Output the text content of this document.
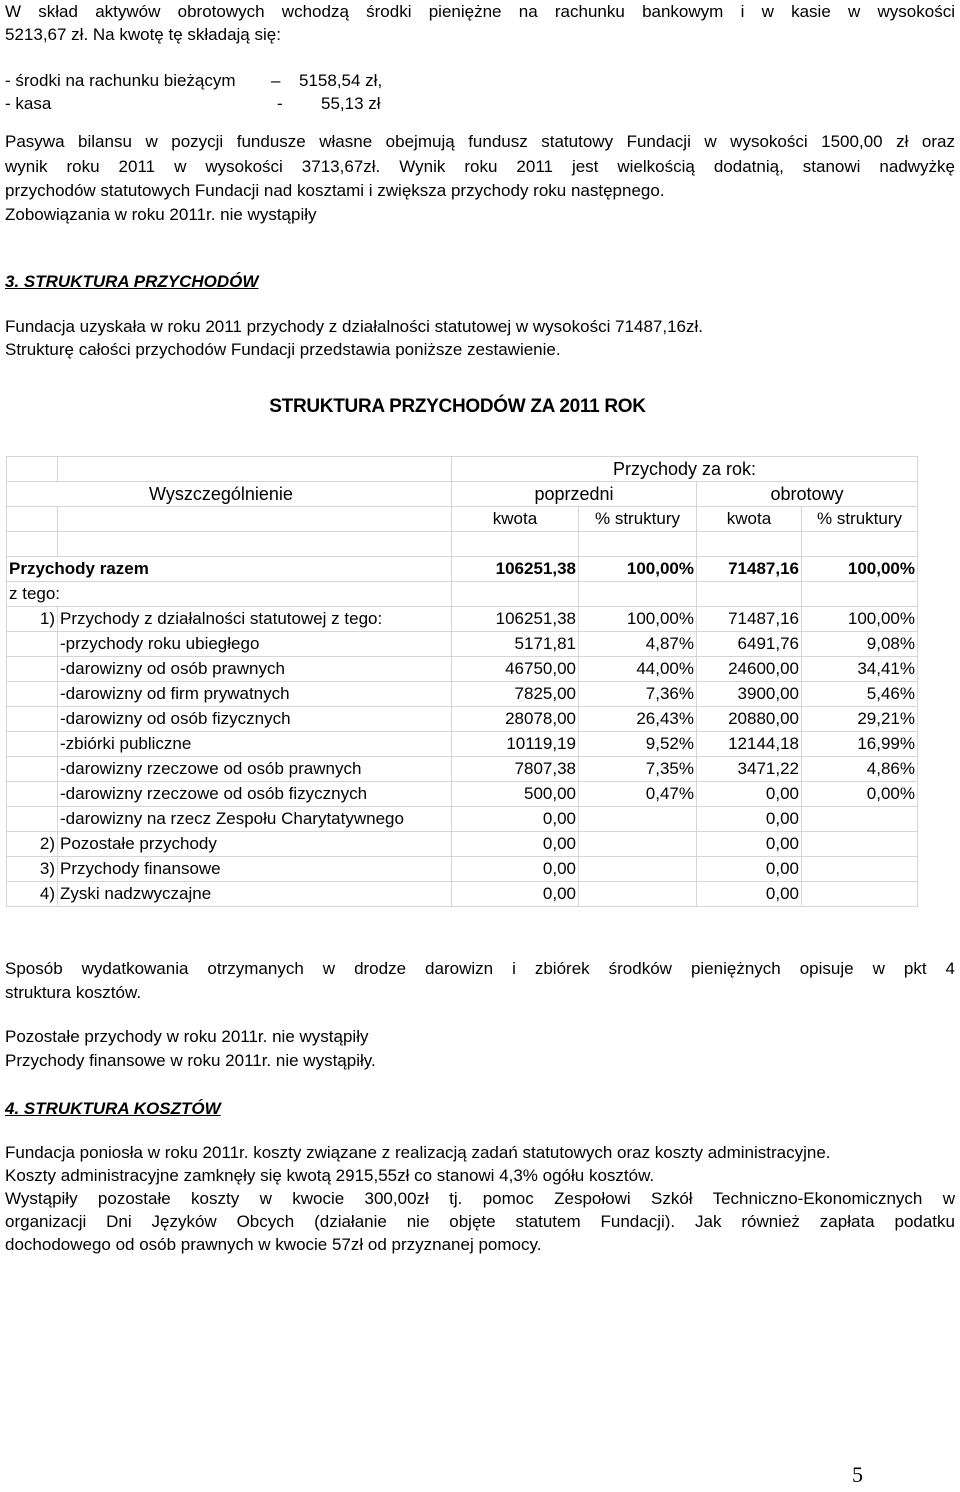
W skład aktywów obrotowych wchodzą środki pieniężne na rachunku bankowym i w kasie w wysokości

5213,67 zł. Na kwotę tę składają się:

- środki na rachunku bieżącym – 5158,54 zł,
- kasa	- 55,13 zł

Pasywa bilansu w pozycji fundusze własne obejmują fundusz statutowy Fundacji w wysokości 1500,00 zł oraz

wynik roku 2011 w wysokości 3713,67zł. Wynik roku 2011 jest wielkością dodatnią, stanowi nadwyżkę

przychodów statutowych Fundacji nad kosztami i zwiększa przychody roku następnego.

Zobowiązania w roku 2011r. nie wystąpiły

3. STRUKTURA PRZYCHODÓW

Fundacja uzyskała w roku 2011 przychody z działalności statutowej w wysokości 71487,16zł.

Strukturę całości przychodów Fundacji przedstawia poniższe zestawienie.

STRUKTURA PRZYCHODÓW ZA 2011 ROK
		Przychody za rok:			
Wyszczególnienie		poprzedni		obrotowy	
		kwota	% struktury	kwota	% struktury

Przychody razem		106251,38	100,00%	71487,16	100,00%
z tego:					
1)	Przychody z działalności statutowej z tego:	106251,38	100,00%	71487,16	100,00%
	-przychody roku ubiegłego	5171,81	4,87%	6491,76	9,08%
	-darowizny od osób prawnych	46750,00	44,00%	24600,00	34,41%
	-darowizny od firm prywatnych	7825,00	7,36%	3900,00	5,46%
	-darowizny od osób fizycznych	28078,00	26,43%	20880,00	29,21%
	-zbiórki publiczne	10119,19	9,52%	12144,18	16,99%
	-darowizny rzeczowe od osób prawnych	7807,38	7,35%	3471,22	4,86%
	-darowizny rzeczowe od osób fizycznych	500,00	0,47%	0,00	0,00%
	-darowizny na rzecz Zespołu Charytatywnego	0,00		0,00	
2)	Pozostałe przychody	0,00		0,00	
3)	Przychody finansowe	0,00		0,00	
4)	Zyski nadzwyczajne	0,00		0,00	

Sposób wydatkowania otrzymanych w drodze darowizn i zbiórek środków pieniężnych opisuje w pkt 4

struktura kosztów.

Pozostałe przychody w roku 2011r. nie wystąpiły

Przychody finansowe w roku 2011r. nie wystąpiły.

4. STRUKTURA KOSZTÓW

Fundacja poniosła w roku 2011r. koszty związane z realizacją zadań statutowych oraz koszty administracyjne.

Koszty administracyjne zamknęły się kwotą 2915,55zł co stanowi 4,3% ogółu kosztów.

Wystąpiły pozostałe koszty w kwocie 300,00zł tj. pomoc Zespołowi Szkół Techniczno-Ekonomicznych w

organizacji Dni Języków Obcych (działanie nie objęte statutem Fundacji). Jak również zapłata podatku

dochodowego od osób prawnych w kwocie 57zł od przyznanej pomocy.

5
